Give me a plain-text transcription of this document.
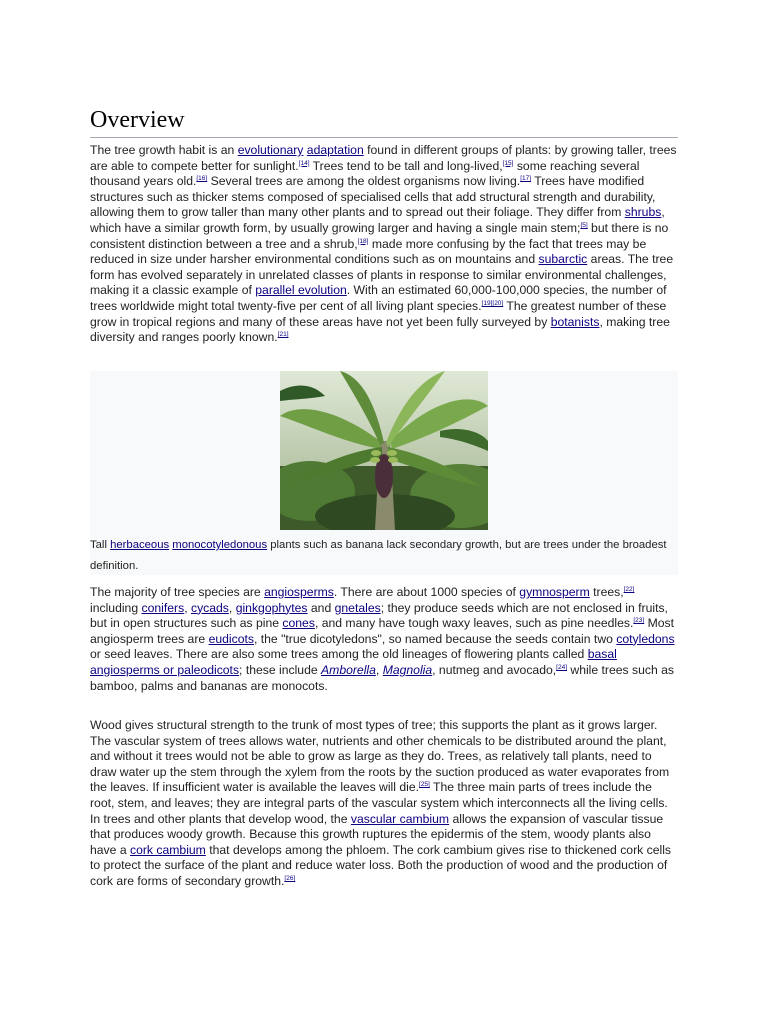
Overview

The tree growth habit is an evolutionary adaptation found in different groups of plants: by growing taller, trees are able to compete better for sunlight.[14] Trees tend to be tall and long-lived,[15] some reaching several thousand years old.[16] Several trees are among the oldest organisms now living.[17] Trees have modified structures such as thicker stems composed of specialised cells that add structural strength and durability, allowing them to grow taller than many other plants and to spread out their foliage. They differ from shrubs, which have a similar growth form, by usually growing larger and having a single main stem;[5] but there is no consistent distinction between a tree and a shrub,[18] made more confusing by the fact that trees may be reduced in size under harsher environmental conditions such as on mountains and subarctic areas. The tree form has evolved separately in unrelated classes of plants in response to similar environmental challenges, making it a classic example of parallel evolution. With an estimated 60,000-100,000 species, the number of trees worldwide might total twenty-five per cent of all living plant species.[19][20] The greatest number of these grow in tropical regions and many of these areas have not yet been fully surveyed by botanists, making tree diversity and ranges poorly known.[21]

Tall herbaceous monocotyledonous plants such as banana lack secondary growth, but are trees under the broadest definition.

The majority of tree species are angiosperms. There are about 1000 species of gymnosperm trees,[22] including conifers, cycads, ginkgophytes and gnetales; they produce seeds which are not enclosed in fruits, but in open structures such as pine cones, and many have tough waxy leaves, such as pine needles.[23] Most angiosperm trees are eudicots, the "true dicotyledons", so named because the seeds contain two cotyledons or seed leaves. There are also some trees among the old lineages of flowering plants called basal angiosperms or paleodicots; these include Amborella, Magnolia, nutmeg and avocado,[24] while trees such as bamboo, palms and bananas are monocots.

Wood gives structural strength to the trunk of most types of tree; this supports the plant as it grows larger. The vascular system of trees allows water, nutrients and other chemicals to be distributed around the plant, and without it trees would not be able to grow as large as they do. Trees, as relatively tall plants, need to draw water up the stem through the xylem from the roots by the suction produced as water evaporates from the leaves. If insufficient water is available the leaves will die.[25] The three main parts of trees include the root, stem, and leaves; they are integral parts of the vascular system which interconnects all the living cells. In trees and other plants that develop wood, the vascular cambium allows the expansion of vascular tissue that produces woody growth. Because this growth ruptures the epidermis of the stem, woody plants also have a cork cambium that develops among the phloem. The cork cambium gives rise to thickened cork cells to protect the surface of the plant and reduce water loss. Both the production of wood and the production of cork are forms of secondary growth.[26]
